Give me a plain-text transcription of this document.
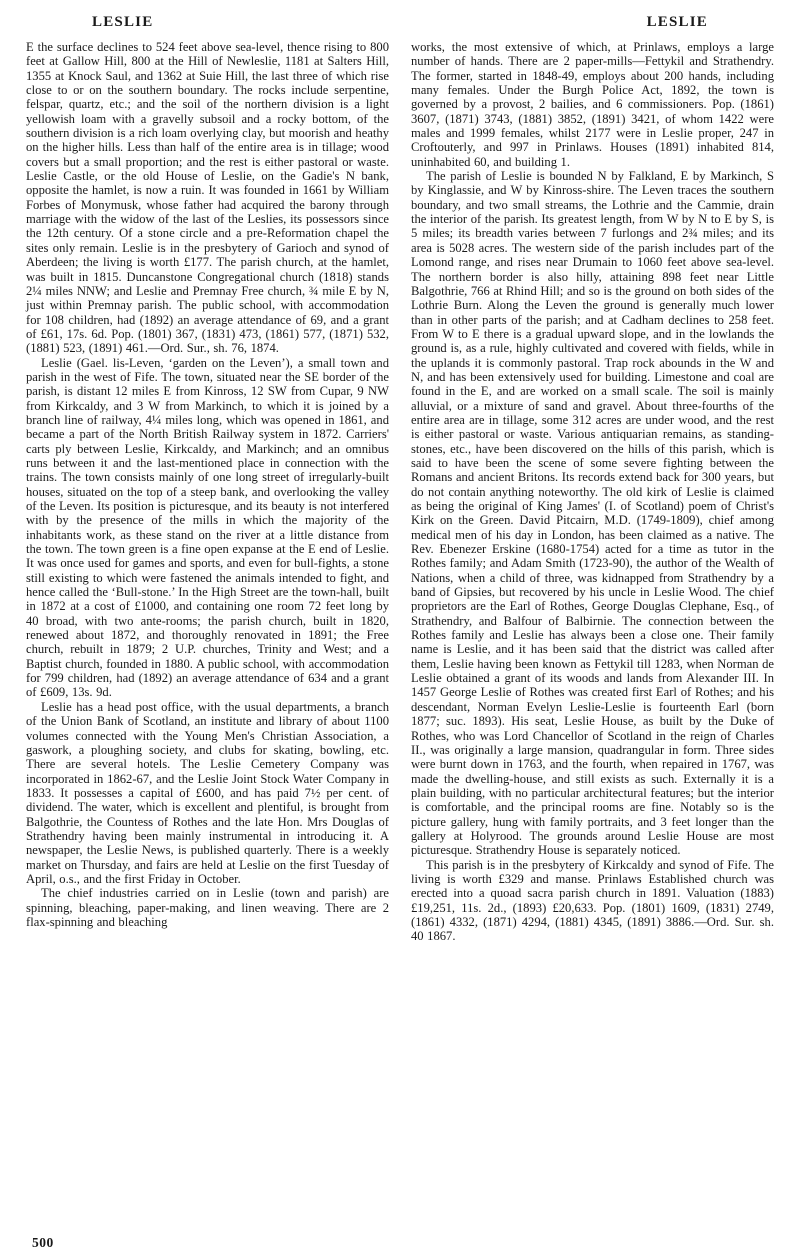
LESLIE	LESLIE

E the surface declines to 524 feet above sea-level, thence rising to 800 feet at Gallow Hill, 800 at the Hill of Newleslie, 1181 at Salters Hill, 1355 at Knock Saul, and 1362 at Suie Hill, the last three of which rise close to or on the southern boundary. The rocks include serpentine, felspar, quartz, etc.; and the soil of the northern division is a light yellowish loam with a gravelly subsoil and a rocky bottom, of the southern division is a rich loam overlying clay, but moorish and heathy on the higher hills. Less than half of the entire area is in tillage; wood covers but a small proportion; and the rest is either pastoral or waste. Leslie Castle, or the old House of Leslie, on the Gadie's N bank, opposite the hamlet, is now a ruin. It was founded in 1661 by William Forbes of Monymusk, whose father had acquired the barony through marriage with the widow of the last of the Leslies, its possessors since the 12th century. Of a stone circle and a pre-Reformation chapel the sites only remain. Leslie is in the presbytery of Garioch and synod of Aberdeen; the living is worth £177. The parish church, at the hamlet, was built in 1815. Duncanstone Congregational church (1818) stands 2¼ miles NNW; and Leslie and Premnay Free church, ¾ mile E by N, just within Premnay parish. The public school, with accommodation for 108 children, had (1892) an average attendance of 69, and a grant of £61, 17s. 6d. Pop. (1801) 367, (1831) 473, (1861) 577, (1871) 532, (1881) 523, (1891) 461.—Ord. Sur., sh. 76, 1874.

Leslie (Gael. lis-Leven, ‘garden on the Leven’), a small town and parish in the west of Fife. The town, situated near the SE border of the parish, is distant 12 miles E from Kinross, 12 SW from Cupar, 9 NW from Kirkcaldy, and 3 W from Markinch, to which it is joined by a branch line of railway, 4¼ miles long, which was opened in 1861, and became a part of the North British Railway system in 1872. Carriers' carts ply between Leslie, Kirkcaldy, and Markinch; and an omnibus runs between it and the last-mentioned place in connection with the trains. The town consists mainly of one long street of irregularly-built houses, situated on the top of a steep bank, and overlooking the valley of the Leven. Its position is picturesque, and its beauty is not interfered with by the presence of the mills in which the majority of the inhabitants work, as these stand on the river at a little distance from the town. The town green is a fine open expanse at the E end of Leslie. It was once used for games and sports, and even for bull-fights, a stone still existing to which were fastened the animals intended to fight, and hence called the ‘Bull-stone.’ In the High Street are the town-hall, built in 1872 at a cost of £1000, and containing one room 72 feet long by 40 broad, with two ante-rooms; the parish church, built in 1820, renewed about 1872, and thoroughly renovated in 1891; the Free church, rebuilt in 1879; 2 U.P. churches, Trinity and West; and a Baptist church, founded in 1880. A public school, with accommodation for 799 children, had (1892) an average attendance of 634 and a grant of £609, 13s. 9d.

Leslie has a head post office, with the usual departments, a branch of the Union Bank of Scotland, an institute and library of about 1100 volumes connected with the Young Men's Christian Association, a gaswork, a ploughing society, and clubs for skating, bowling, etc. There are several hotels. The Leslie Cemetery Company was incorporated in 1862-67, and the Leslie Joint Stock Water Company in 1833. It possesses a capital of £600, and has paid 7½ per cent. of dividend. The water, which is excellent and plentiful, is brought from Balgothrie, the Countess of Rothes and the late Hon. Mrs Douglas of Strathendry having been mainly instrumental in introducing it. A newspaper, the Leslie News, is published quarterly. There is a weekly market on Thursday, and fairs are held at Leslie on the first Tuesday of April, o.s., and the first Friday in October.

The chief industries carried on in Leslie (town and parish) are spinning, bleaching, paper-making, and linen weaving. There are 2 flax-spinning and bleaching

works, the most extensive of which, at Prinlaws, employs a large number of hands. There are 2 paper-mills—Fettykil and Strathendry. The former, started in 1848-49, employs about 200 hands, including many females. Under the Burgh Police Act, 1892, the town is governed by a provost, 2 bailies, and 6 commissioners. Pop. (1861) 3607, (1871) 3743, (1881) 3852, (1891) 3421, of whom 1422 were males and 1999 females, whilst 2177 were in Leslie proper, 247 in Croftouterly, and 997 in Prinlaws. Houses (1891) inhabited 814, uninhabited 60, and building 1.

The parish of Leslie is bounded N by Falkland, E by Markinch, S by Kinglassie, and W by Kinross-shire. The Leven traces the southern boundary, and two small streams, the Lothrie and the Cammie, drain the interior of the parish. Its greatest length, from W by N to E by S, is 5 miles; its breadth varies between 7 furlongs and 2¾ miles; and its area is 5028 acres. The western side of the parish includes part of the Lomond range, and rises near Drumain to 1060 feet above sea-level. The northern border is also hilly, attaining 898 feet near Little Balgothrie, 766 at Rhind Hill; and so is the ground on both sides of the Lothrie Burn. Along the Leven the ground is generally much lower than in other parts of the parish; and at Cadham declines to 258 feet. From W to E there is a gradual upward slope, and in the lowlands the ground is, as a rule, highly cultivated and covered with fields, while in the uplands it is commonly pastoral. Trap rock abounds in the W and N, and has been extensively used for building. Limestone and coal are found in the E, and are worked on a small scale. The soil is mainly alluvial, or a mixture of sand and gravel. About three-fourths of the entire area are in tillage, some 312 acres are under wood, and the rest is either pastoral or waste. Various antiquarian remains, as standing-stones, etc., have been discovered on the hills of this parish, which is said to have been the scene of some severe fighting between the Romans and ancient Britons. Its records extend back for 300 years, but do not contain anything noteworthy. The old kirk of Leslie is claimed as being the original of King James' (I. of Scotland) poem of Christ's Kirk on the Green. David Pitcairn, M.D. (1749-1809), chief among medical men of his day in London, has been claimed as a native. The Rev. Ebenezer Erskine (1680-1754) acted for a time as tutor in the Rothes family; and Adam Smith (1723-90), the author of the Wealth of Nations, when a child of three, was kidnapped from Strathendry by a band of Gipsies, but recovered by his uncle in Leslie Wood. The chief proprietors are the Earl of Rothes, George Douglas Clephane, Esq., of Strathendry, and Balfour of Balbirnie. The connection between the Rothes family and Leslie has always been a close one. Their family name is Leslie, and it has been said that the district was called after them, Leslie having been known as Fettykil till 1283, when Norman de Leslie obtained a grant of its woods and lands from Alexander III. In 1457 George Leslie of Rothes was created first Earl of Rothes; and his descendant, Norman Evelyn Leslie-Leslie is fourteenth Earl (born 1877; suc. 1893). His seat, Leslie House, as built by the Duke of Rothes, who was Lord Chancellor of Scotland in the reign of Charles II., was originally a large mansion, quadrangular in form. Three sides were burnt down in 1763, and the fourth, when repaired in 1767, was made the dwelling-house, and still exists as such. Externally it is a plain building, with no particular architectural features; but the interior is comfortable, and the principal rooms are fine. Notably so is the picture gallery, hung with family portraits, and 3 feet longer than the gallery at Holyrood. The grounds around Leslie House are most picturesque. Strathendry House is separately noticed.

This parish is in the presbytery of Kirkcaldy and synod of Fife. The living is worth £329 and manse. Prinlaws Established church was erected into a quoad sacra parish church in 1891. Valuation (1883) £19,251, 11s. 2d., (1893) £20,633. Pop. (1801) 1609, (1831) 2749, (1861) 4332, (1871) 4294, (1881) 4345, (1891) 3886.—Ord. Sur. sh. 40 1867.

500
